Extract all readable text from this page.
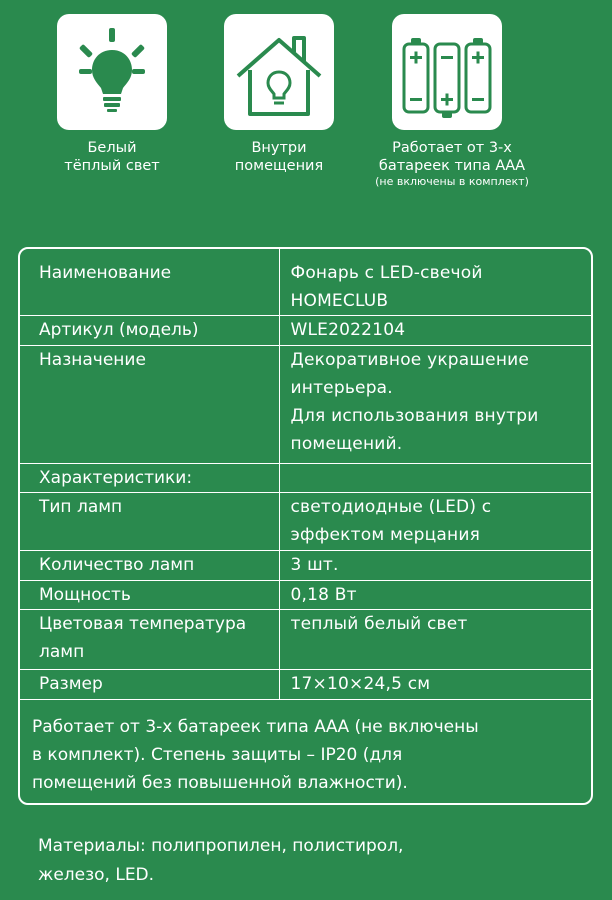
Белый
тёплый свет
Внутри
помещения
Работает от 3-х
батареек типа ААА
(не включены в комплект)
Наименование	Фонарь с LED-свечой
HOMECLUB
Артикул (модель)	WLE2022104
Назначение	Декоративное украшение
интерьера.
Для использования внутри
помещений.
Характеристики:	
Тип ламп	светодиодные (LED) с
эффектом мерцания
Количество ламп	3 шт.
Мощность	0,18 Вт
Цветовая температура
ламп	теплый белый свет
Размер	17×10×24,5 см
Работает от 3-х батареек типа ААА (не включены
в комплект). Степень защиты – IP20 (для
помещений без повышенной влажности).
Материалы: полипропилен, полистирол,
железо, LED.
